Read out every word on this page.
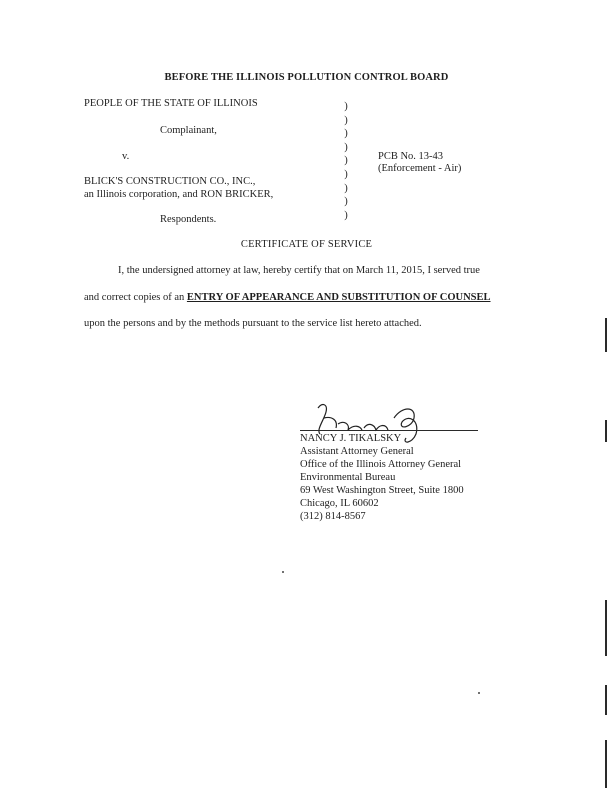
BEFORE THE ILLINOIS POLLUTION CONTROL BOARD
PEOPLE OF THE STATE OF ILLINOIS
Complainant,
v.
BLICK'S CONSTRUCTION CO., INC.,
an Illinois corporation, and RON BRICKER,
Respondents.
)
)
)
)
)
)
)
)
)
PCB No. 13-43
(Enforcement - Air)
CERTIFICATE OF SERVICE
I, the undersigned attorney at law, hereby certify that on March 11, 2015, I served true
and correct copies of an ENTRY OF APPEARANCE AND SUBSTITUTION OF COUNSEL
upon the persons and by the methods pursuant to the service list hereto attached.
NANCY J. TIKALSKY
Assistant Attorney General
Office of the Illinois Attorney General
Environmental Bureau
69 West Washington Street, Suite 1800
Chicago, IL 60602
(312) 814-8567
